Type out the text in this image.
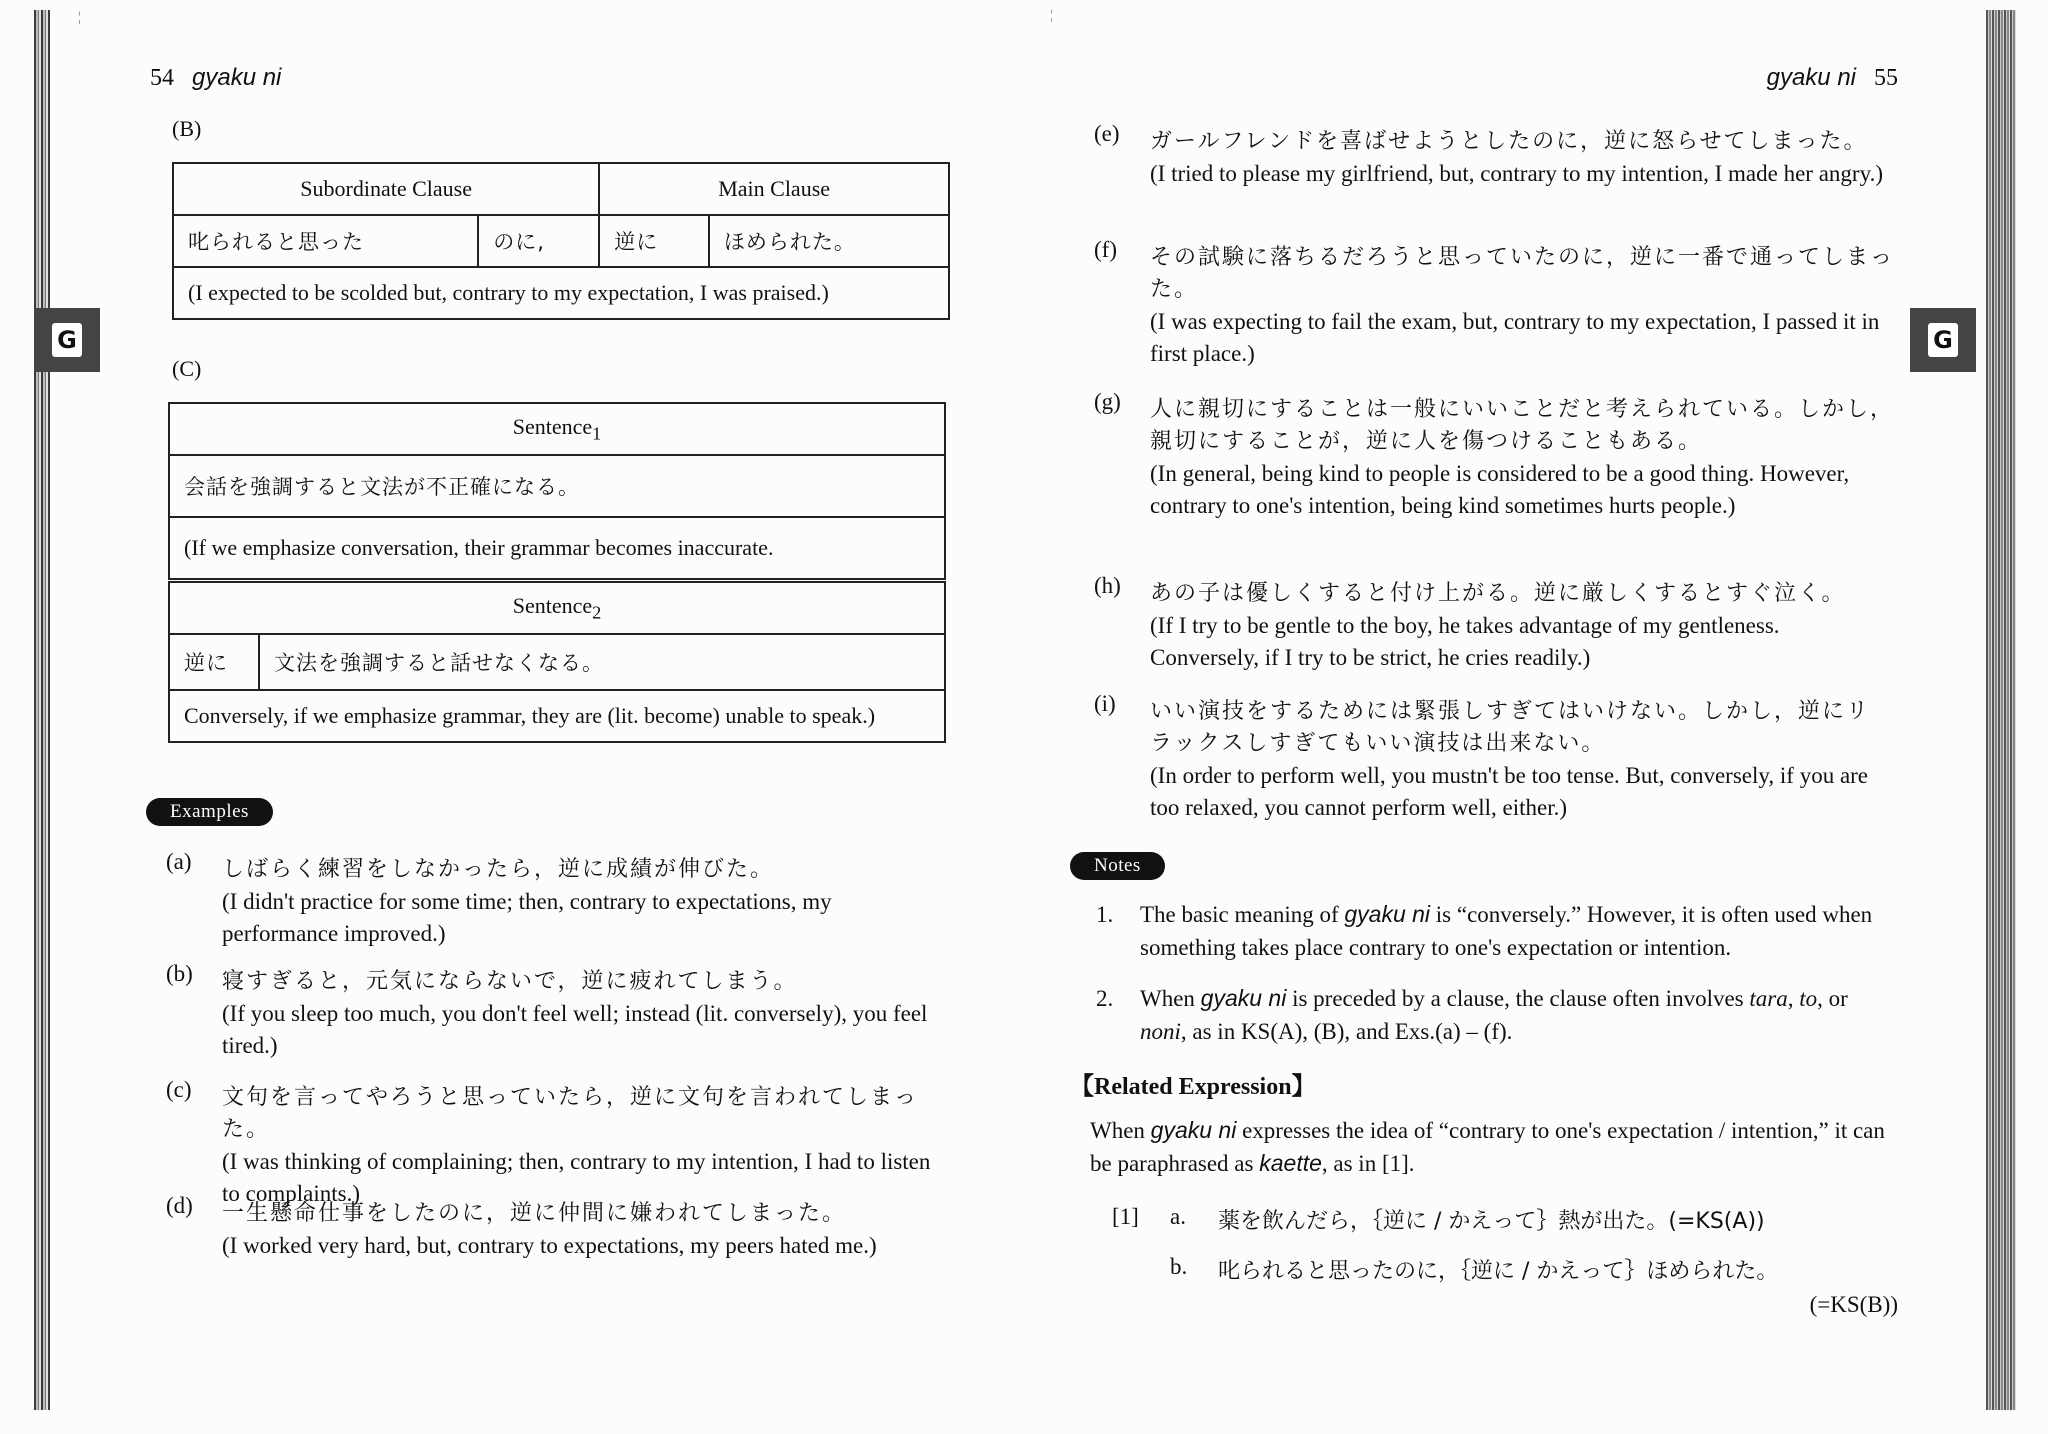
G
¦
54 gyaku ni
(B)
Subordinate Clause		Main Clause	
叱られると思った	のに,	逆に	ほめられた。
(I expected to be scolded but, contrary to my expectation, I was praised.)			
(C)
Sentence$_1$
会話を強調すると文法が不正確になる。
(If we emphasize conversation, their grammar becomes inaccurate.
Sentence$_2$
逆に	文法を強調すると話せなくなる。
Conversely, if we emphasize grammar, they are (lit. become) unable to speak.)
Examples
(a) しばらく練習をしなかったら，逆に成績が伸びた。
(I didn't practice for some time; then, contrary to expectations, my performance improved.)
(b) 寝すぎると，元気にならないで，逆に疲れてしまう。
(If you sleep too much, you don't feel well; instead (lit. conversely), you feel tired.)
(c) 文句を言ってやろうと思っていたら，逆に文句を言われてしまった。
(I was thinking of complaining; then, contrary to my intention, I had to listen to complaints.)
(d) 一生懸命仕事をしたのに，逆に仲間に嫌われてしまった。
(I worked very hard, but, contrary to expectations, my peers hated me.)
¦
G
gyaku ni 55
(e) ガールフレンドを喜ばせようとしたのに，逆に怒らせてしまった。
(I tried to please my girlfriend, but, contrary to my intention, I made her angry.)
(f) その試験に落ちるだろうと思っていたのに，逆に一番で通ってしまった。
(I was expecting to fail the exam, but, contrary to my expectation, I passed it in first place.)
(g) 人に親切にすることは一般にいいことだと考えられている。しかし，親切にすることが，逆に人を傷つけることもある。
(In general, being kind to people is considered to be a good thing. However, contrary to one's intention, being kind sometimes hurts people.)
(h) あの子は優しくすると付け上がる。逆に厳しくするとすぐ泣く。
(If I try to be gentle to the boy, he takes advantage of my gentleness. Conversely, if I try to be strict, he cries readily.)
(i) いい演技をするためには緊張しすぎてはいけない。しかし，逆にリラックスしすぎてもいい演技は出来ない。
(In order to perform well, you mustn't be too tense. But, conversely, if you are too relaxed, you cannot perform well, either.)
Notes
1. The basic meaning of gyaku ni is “conversely.” However, it is often used when something takes place contrary to one's expectation or intention.
2. When gyaku ni is preceded by a clause, the clause often involves tara, to, or noni, as in KS(A), (B), and Exs.(a) – (f).
【Related Expression】
When gyaku ni expresses the idea of “contrary to one's expectation / intention,” it can be paraphrased as kaette, as in [1].
[1] a. 薬を飲んだら，｛逆に / かえって｝熱が出た。(=KS(A))
b. 叱られると思ったのに，｛逆に / かえって｝ほめられた。
(=KS(B))
